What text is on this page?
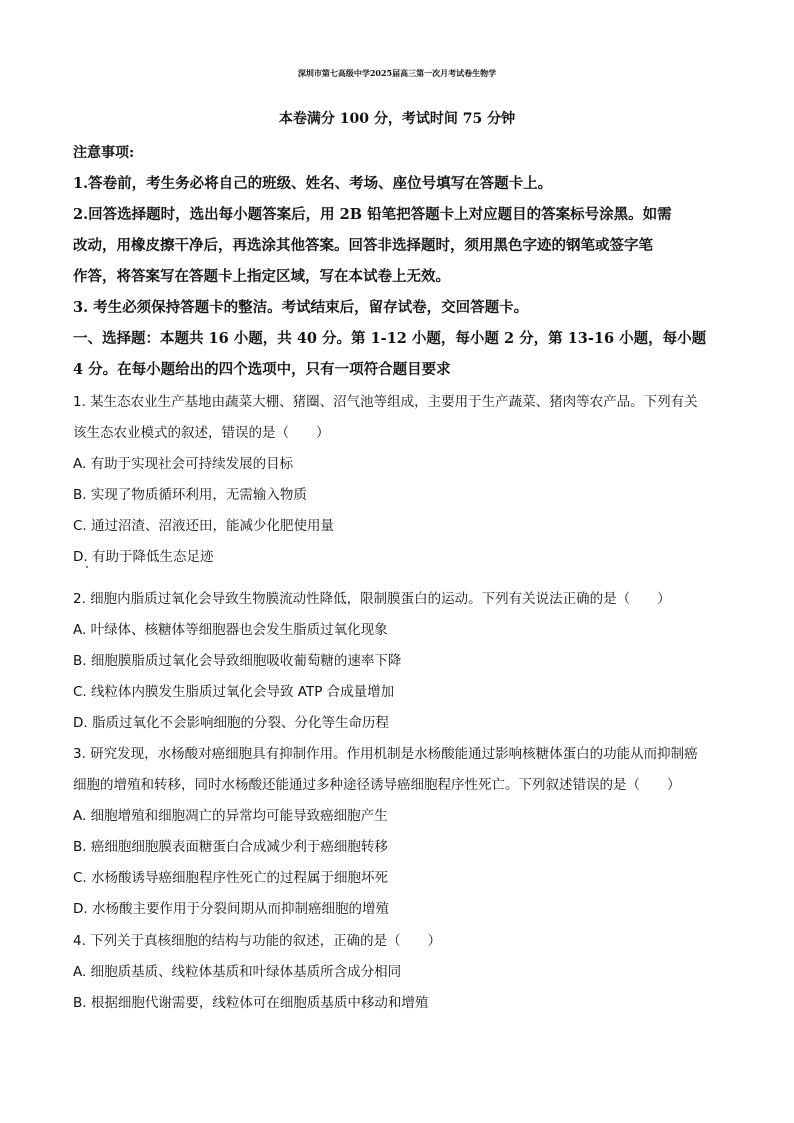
深圳市第七高级中学2025届高三第一次月考试卷生物学
本卷满分 100 分，考试时间 75 分钟
注意事项:
1.答卷前，考生务必将自己的班级、姓名、考场、座位号填写在答题卡上。
2.回答选择题时，选出每小题答案后，用 2B 铅笔把答题卡上对应题目的答案标号涂黑。如需
改动，用橡皮擦干净后，再选涂其他答案。回答非选择题时，须用黑色字迹的钢笔或签字笔
作答，将答案写在答题卡上指定区域，写在本试卷上无效。
3. 考生必须保持答题卡的整洁。考试结束后，留存试卷，交回答题卡。
一、选择题：本题共 16 小题，共 40 分。第 1-12 小题，每小题 2 分，第 13-16 小题，每小题
4 分。在每小题给出的四个选项中，只有一项符合题目要求
1. 某生态农业生产基地由蔬菜大棚、猪圈、沼气池等组成，主要用于生产蔬菜、猪肉等农产品。下列有关
该生态农业模式的叙述，错误的是（　　）
A. 有助于实现社会可持续发展的目标
B. 实现了物质循环利用，无需输入物质
C. 通过沼渣、沼液还田，能减少化肥使用量
D. 有助于降低生态足迹
2. 细胞内脂质过氧化会导致生物膜流动性降低，限制膜蛋白的运动。下列有关说法正确的是（　　）
A. 叶绿体、核糖体等细胞器也会发生脂质过氧化现象
B. 细胞膜脂质过氧化会导致细胞吸收葡萄糖的速率下降
C. 线粒体内膜发生脂质过氧化会导致 ATP 合成量增加
D. 脂质过氧化不会影响细胞的分裂、分化等生命历程
3. 研究发现，水杨酸对癌细胞具有抑制作用。作用机制是水杨酸能通过影响核糖体蛋白的功能从而抑制癌
细胞的增殖和转移，同时水杨酸还能通过多种途径诱导癌细胞程序性死亡。下列叙述错误的是（　　）
A. 细胞增殖和细胞凋亡的异常均可能导致癌细胞产生
B. 癌细胞细胞膜表面糖蛋白合成减少利于癌细胞转移
C. 水杨酸诱导癌细胞程序性死亡的过程属于细胞坏死
D. 水杨酸主要作用于分裂间期从而抑制癌细胞的增殖
4. 下列关于真核细胞的结构与功能的叙述，正确的是（　　）
A. 细胞质基质、线粒体基质和叶绿体基质所含成分相同
B. 根据细胞代谢需要，线粒体可在细胞质基质中移动和增殖
